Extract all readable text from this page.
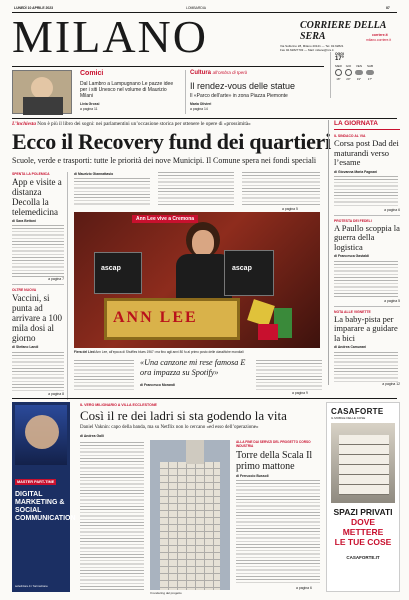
LUNEDÌ 10 APRILE 2023	LOMBARDIA	II7
MILANO	CORRIERE DELLA SERA	corriere.it
milano.corriere.it
Via Solferino 28, Milano 20121 — Tel. 02.62821
Fax 02.62827703 — Mail: milano@rcs.it
OGGI
17°
MER
18°
GIO
20°
VEN
19°
SAB
17°
Comici
Dal Lambro a Lampugnano Le pazze idee per i siti Unesco nel volume di Maurizio Milani
Livia Grossi
a pagina 11
Cultura all’ombra di Iperò
Il rendez-vous delle statue
Il «Parco dell’arte» in zona Piazza Piemonte
Maria Olivieri
a pagina 14
L’inchiesta Non è più il libro dei sogni: nei parlamentini un’occasione storica per ottenere le opere di «prossimità»
Ecco il Recovery fund dei quartieri
Scuole, verde e trasporti: tutte le priorità dei nove Municipi. Il Comune spera nei fondi speciali
LA GIORNATA
IL SINDACO AL VIA
Corsa post Dad dei maturandi verso l’esame
di Giovanna Maria Fagnani
a pagina 6
PROTESTA DEI FEDELI
A Paullo scoppia la guerra della logistica
di Francesca Gastaldi
a pagina 5
NOTA ALLE VIGNETTE
La baby-pista per imparare a guidare la bici
di Andrea Camurani
a pagina 12
SPENTA LA POLEMICA
App e visite a distanza Decolla la telemedicina
di Sara Bettoni
a pagina 7
OLTRE NUOVA
Vaccini, si punta ad arrivare a 100 mila dosi al giorno
di Stefano Landi
a pagina 8
di Maurizio Giannattasio
a pagina 5
Ann Lee vive a Cremona
ascap	ascap
ANN LEE
Fiera del Lied Ann Lee, all’epoca di Shuffles blues 1967: ma fino agli anni 80 fu al primo posto delle classifiche mondiali
«Una canzone mi rese famosa E ora impazza su Spotify»
di Francesco Morandi
a pagina 9
MASTER PART-TIME
DIGITAL MARKETING & SOCIAL COMMUNICATION
sole24ore.it / formazione
IL VERO MILIONARIO A VILLA ECCLESTONE
Così il re dei ladri si sta godendo la vita
Daniel Vaknin: capo della banda, ma su Netflix non lo cercano «ed esso dell’operazione»
di Andrea Galli
Il rendering del progetto
ALLA FINE DAI SERVIZI DEL PROGETTO CORSO INDUSTRIA
Torre della Scala Il primo mattone
di Ferruccio Bussoli
a pagina 6
CASAFORTE
IL MOBILE DELLE COSE
SPAZI PRIVATI
DOVE METTERE
LE TUE COSE
CASAFORTE.IT
